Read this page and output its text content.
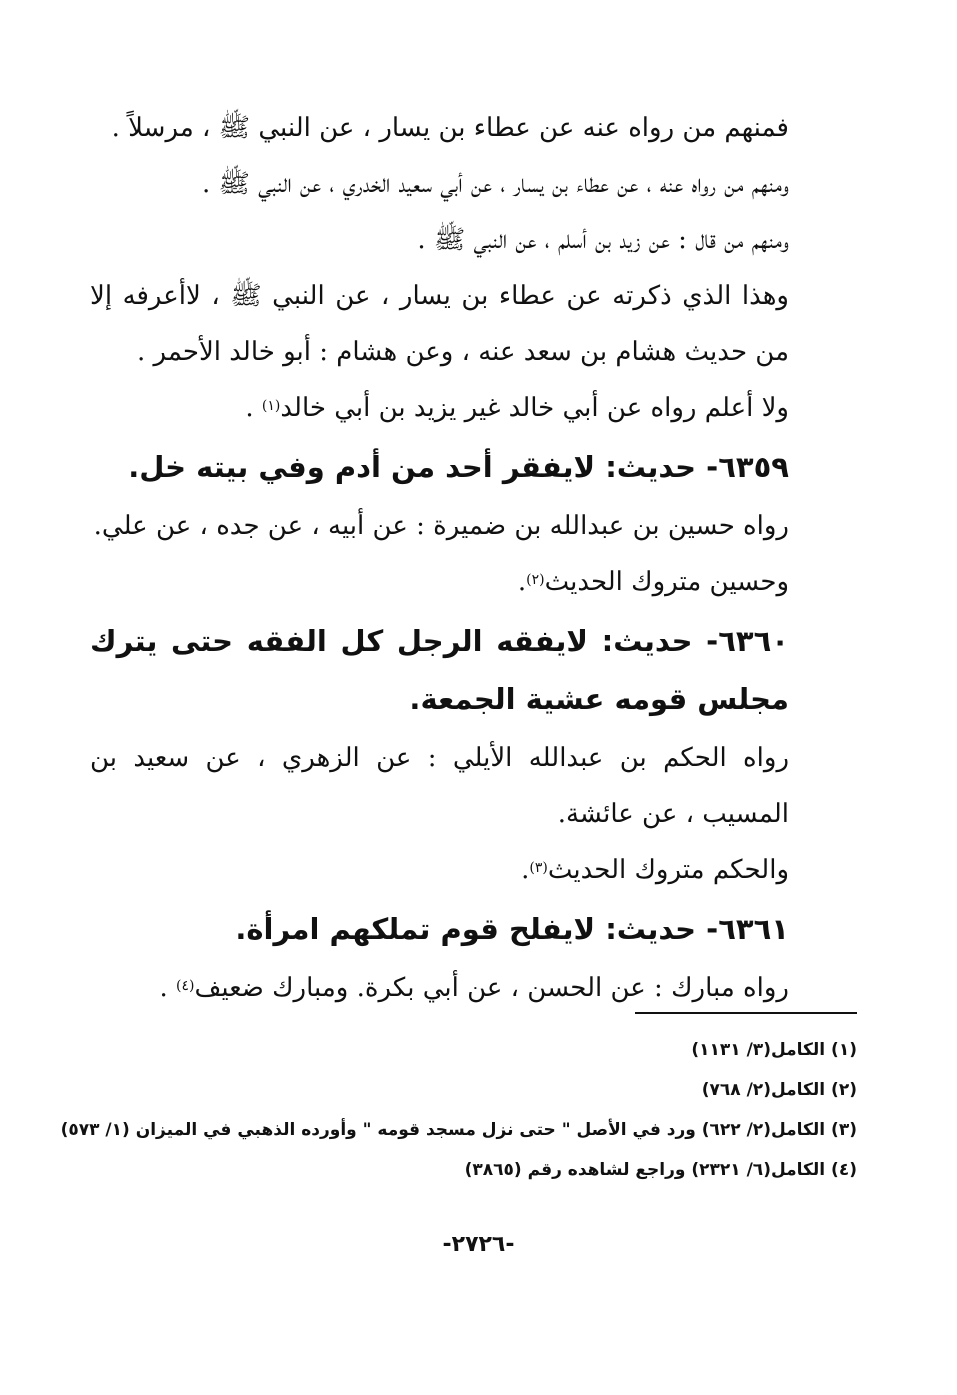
فمنهم من رواه عنه عن عطاء بن يسار ، عن النبي ﷺ ، مرسلاً .

ومنهم من رواه عنه ، عن عطاء بن يسار ، عن أبي سعيد الخدري ، عن النبي ﷺ .

ومنهم من قال : عن زيد بن أسلم ، عن النبي ﷺ .

وهذا الذي ذكرته عن عطاء بن يسار ، عن النبي ﷺ ، لاأعرفه إلا من حديث هشام بن سعد عنه ، وعن هشام : أبو خالد الأحمر .

ولا أعلم رواه عن أبي خالد غير يزيد بن أبي خالد$^{(١)}$ .

٦٣٥٩- حديث: لايفقر أحد من أدم وفي بيته خل.

رواه حسين بن عبدالله بن ضميرة : عن أبيه ، عن جده ، عن علي.

وحسين متروك الحديث$^{(٢)}$.

٦٣٦٠- حديث: لايفقه الرجل كل الفقه حتى يترك مجلس قومه عشية الجمعة.

رواه الحكم بن عبدالله الأيلي : عن الزهري ، عن سعيد بن المسيب ، عن عائشة.

والحكم متروك الحديث$^{(٣)}$.

٦٣٦١- حديث: لايفلح قوم تملكهم امرأة.

رواه مبارك : عن الحسن ، عن أبي بكرة. ومبارك ضعيف$^{(٤)}$ .

(١) الكامل(٣/ ١١٣١)

(٢) الكامل(٢/ ٧٦٨)

(٣) الكامل(٢/ ٦٢٢) ورد في الأصل " حتى نزل مسجد قومه " وأورده الذهبي في الميزان (١/ ٥٧٣)

(٤) الكامل(٦/ ٢٣٢١) وراجع لشاهده رقم (٣٨٦٥)

-٢٧٢٦-
